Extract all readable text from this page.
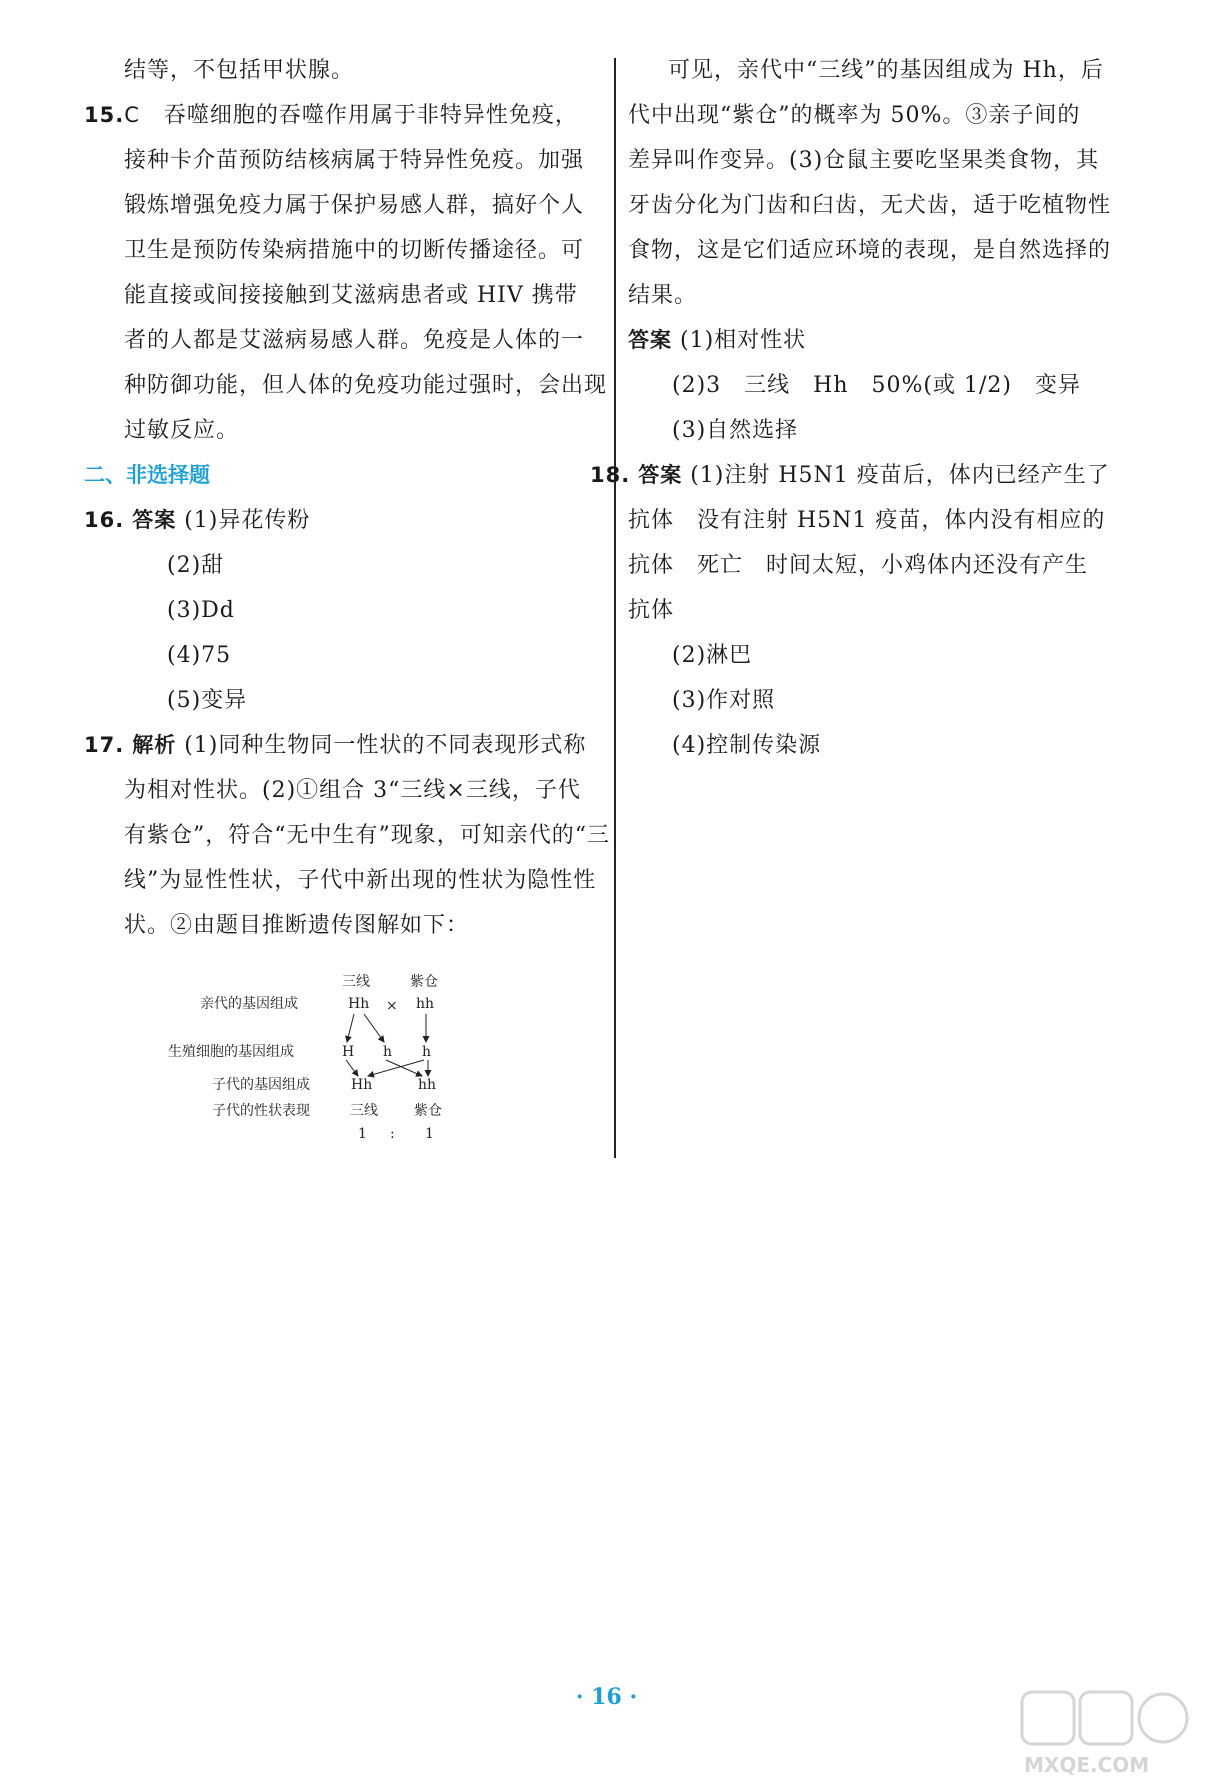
结等，不包括甲状腺。
15.C 吞噬细胞的吞噬作用属于非特异性免疫，
接种卡介苗预防结核病属于特异性免疫。加强
锻炼增强免疫力属于保护易感人群，搞好个人
卫生是预防传染病措施中的切断传播途径。可
能直接或间接接触到艾滋病患者或 HIV 携带
者的人都是艾滋病易感人群。免疫是人体的一
种防御功能，但人体的免疫功能过强时，会出现
过敏反应。
二、非选择题
16. 答案 (1)异花传粉
(2)甜
(3)Dd
(4)75
(5)变异
17. 解析 (1)同种生物同一性状的不同表现形式称
为相对性状。(2)①组合 3“三线×三线，子代
有紫仓”，符合“无中生有”现象，可知亲代的“三
线”为显性性状，子代中新出现的性状为隐性性
状。②由题目推断遗传图解如下：
亲代的基因组成
生殖细胞的基因组成
子代的基因组成
子代的性状表现
三线	紫仓
Hh × hh
H h h
Hh	hh
三线	紫仓
1 : 1
可见，亲代中“三线”的基因组成为 Hh，后
代中出现“紫仓”的概率为 50%。③亲子间的
差异叫作变异。(3)仓鼠主要吃坚果类食物，其
牙齿分化为门齿和臼齿，无犬齿，适于吃植物性
食物，这是它们适应环境的表现，是自然选择的
结果。
答案 (1)相对性状
(2)3　三线　Hh　50%(或 1/2)　变异
(3)自然选择
18. 答案 (1)注射 H5N1 疫苗后，体内已经产生了
抗体　没有注射 H5N1 疫苗，体内没有相应的
抗体　死亡　时间太短，小鸡体内还没有产生
抗体
(2)淋巴
(3)作对照
(4)控制传染源
· 16 ·
MXQE.COM
